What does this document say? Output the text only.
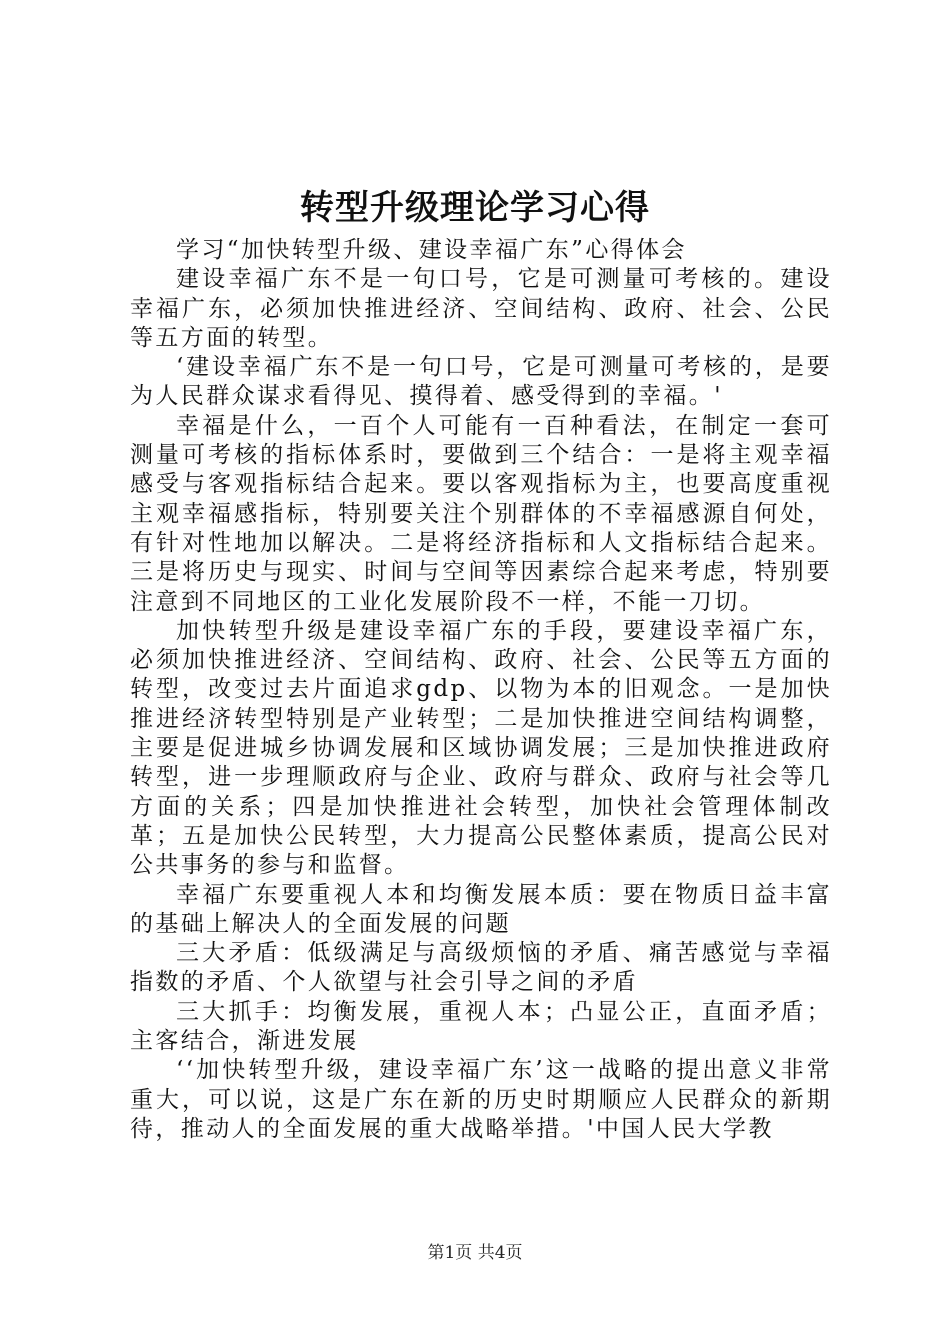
转型升级理论学习心得

学习“加快转型升级、建设幸福广东”心得体会

建设幸福广东不是一句口号，它是可测量可考核的。建设幸福广东，必须加快推进经济、空间结构、政府、社会、公民等五方面的转型。

‘建设幸福广东不是一句口号，它是可测量可考核的，是要为人民群众谋求看得见、摸得着、感受得到的幸福。'

幸福是什么，一百个人可能有一百种看法，在制定一套可测量可考核的指标体系时，要做到三个结合：一是将主观幸福感受与客观指标结合起来。要以客观指标为主，也要高度重视主观幸福感指标，特别要关注个别群体的不幸福感源自何处，有针对性地加以解决。二是将经济指标和人文指标结合起来。三是将历史与现实、时间与空间等因素综合起来考虑，特别要注意到不同地区的工业化发展阶段不一样，不能一刀切。

加快转型升级是建设幸福广东的手段，要建设幸福广东，必须加快推进经济、空间结构、政府、社会、公民等五方面的转型，改变过去片面追求gdp、以物为本的旧观念。一是加快推进经济转型特别是产业转型；二是加快推进空间结构调整，主要是促进城乡协调发展和区域协调发展；三是加快推进政府转型，进一步理顺政府与企业、政府与群众、政府与社会等几方面的关系；四是加快推进社会转型，加快社会管理体制改革；五是加快公民转型，大力提高公民整体素质，提高公民对公共事务的参与和监督。

幸福广东要重视人本和均衡发展本质：要在物质日益丰富的基础上解决人的全面发展的问题

三大矛盾：低级满足与高级烦恼的矛盾、痛苦感觉与幸福指数的矛盾、个人欲望与社会引导之间的矛盾

三大抓手：均衡发展，重视人本；凸显公正，直面矛盾；主客结合，渐进发展

‘‘加快转型升级，建设幸福广东’这一战略的提出意义非常重大，可以说，这是广东在新的历史时期顺应人民群众的新期待，推动人的全面发展的重大战略举措。'中国人民大学教

第1页 共4页
